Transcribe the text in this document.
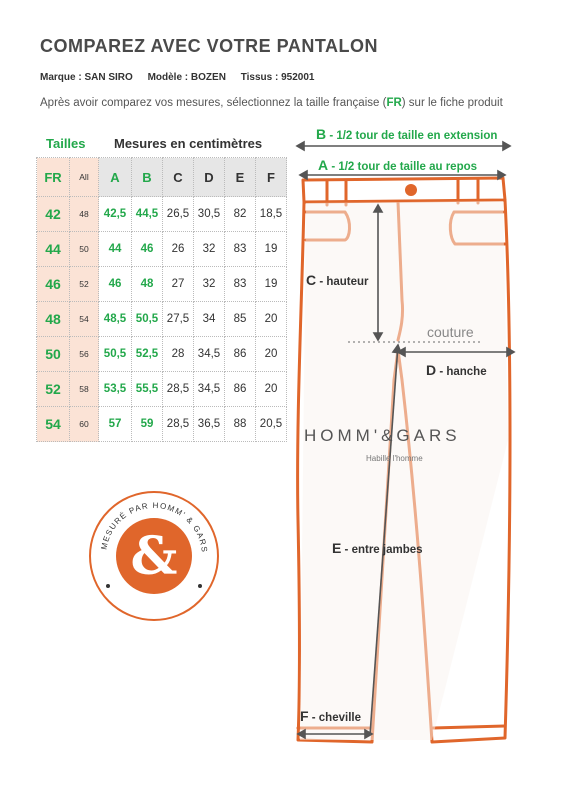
COMPAREZ AVEC VOTRE PANTALON
Marque : SAN SIRO Modèle : BOZEN Tissus : 952001
Après avoir comparez vos mesures, sélectionnez la taille française (FR) sur le fiche produit
Tailles Mesures en centimètres
FR	All	A	B	C	D	E	F
42	48	42,5	44,5	26,5	30,5	82	18,5
44	50	44	46	26	32	83	19
46	52	46	48	27	32	83	19
48	54	48,5	50,5	27,5	34	85	20
50	56	50,5	52,5	28	34,5	86	20
52	58	53,5	55,5	28,5	34,5	86	20
54	60	57	59	28,5	36,5	88	20,5
MESURÉ PAR HOMM' & GARS
&
B - 1/2 tour de taille en extension
A - 1/2 tour de taille au repos
C - hauteur
couture
D - hanche
HOMM'&GARS
Habille l'homme
E - entre jambes
F - cheville
